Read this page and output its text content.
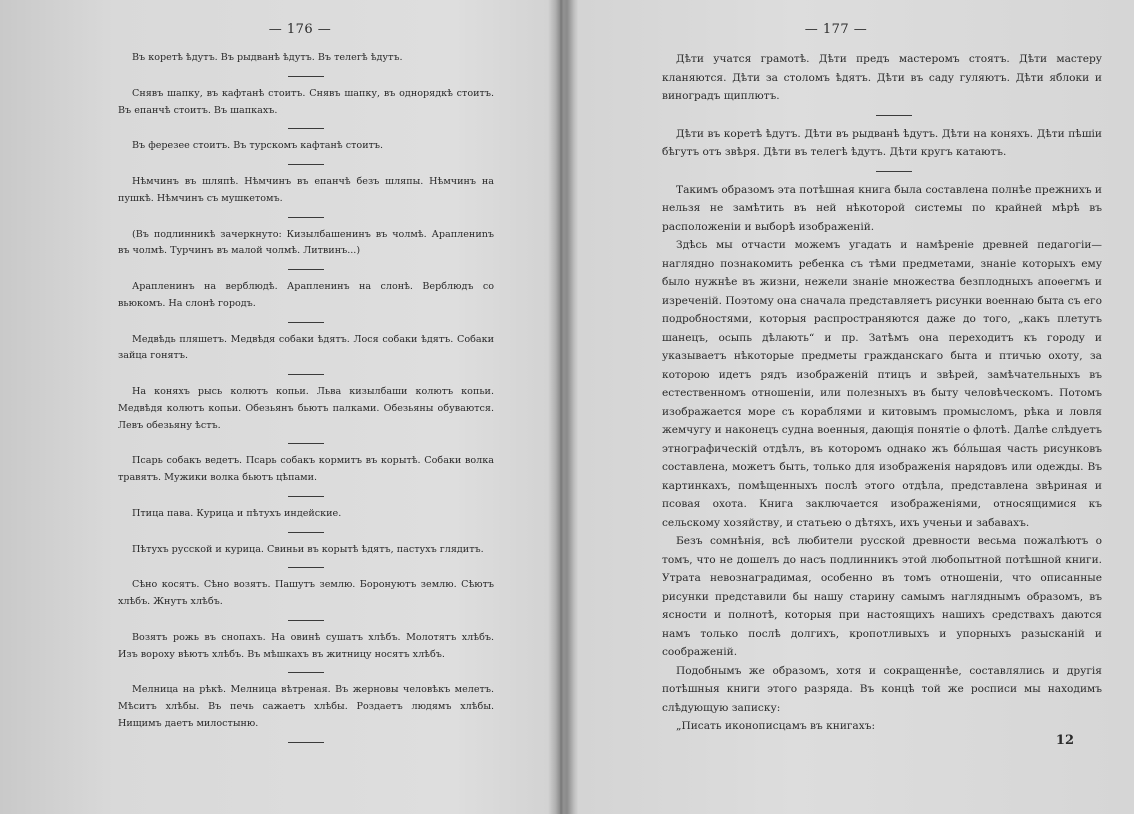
— 176 —

Въ коретѣ ѣдутъ. Въ рыдванѣ ѣдутъ. Въ телегѣ ѣдутъ.

Снявъ шапку, въ кафтанѣ стоитъ. Снявъ шапку, въ однорядкѣ стоитъ. Въ епанчѣ стоитъ. Въ шапкахъ.

Въ ферезее стоитъ. Въ турскомъ кафтанѣ стоитъ.

Нѣмчинъ въ шляпѣ. Нѣмчинъ въ епанчѣ безъ шляпы. Нѣмчинъ на пушкѣ. Нѣмчинъ съ мушкетомъ.

(Въ подлинникѣ зачеркнуто: Кизылбашенинъ въ чолмѣ. Араплениnъ въ чолмѣ. Турчинъ въ малой чолмѣ. Литвинъ...)

Арапленинъ на верблюдѣ. Арапленинъ на слонѣ. Верблюдъ со вьюкомъ. На слонѣ городъ.

Медвѣдь пляшетъ. Медвѣдя собаки ѣдятъ. Лося собаки ѣдятъ. Собаки зайца гонятъ.

На коняхъ рысь колютъ копьи. Льва кизылбаши колютъ копьи. Медвѣдя колютъ копьи. Обезьянъ бьютъ палками. Обезьяны обуваются. Левъ обезьяну ѣстъ.

Псарь собакъ ведетъ. Псарь собакъ кормитъ въ корытѣ. Собаки волка травятъ. Мужики волка бьютъ цѣпами.

Птица пава. Курица и пѣтухъ индейские.

Пѣтухъ русской и курица. Свиньи въ корытѣ ѣдятъ, пастухъ глядитъ.

Сѣно косятъ. Сѣно возятъ. Пашутъ землю. Боронуютъ землю. Сѣютъ хлѣбъ. Жнутъ хлѣбъ.

Возятъ рожь въ снопахъ. На овинѣ сушатъ хлѣбъ. Молотятъ хлѣбъ. Изъ вороху вѣютъ хлѣбъ. Въ мѣшкахъ въ житницу носятъ хлѣбъ.

Мелница на рѣкѣ. Мелница вѣтреная. Въ жерновы человѣкъ мелетъ. Мѣситъ хлѣбы. Въ печь сажаетъ хлѣбы. Роздаетъ людямъ хлѣбы. Нищимъ даетъ милостыню.

— 177 —

Дѣти учатся грамотѣ. Дѣти предъ мастеромъ стоятъ. Дѣти мастеру кланяются. Дѣти за столомъ ѣдятъ. Дѣти въ саду гуляютъ. Дѣти яблоки и виноградъ щиплютъ.

Дѣти въ коретѣ ѣдутъ. Дѣти въ рыдванѣ ѣдутъ. Дѣти на коняхъ. Дѣти пѣшіи бѣгутъ отъ звѣря. Дѣти въ телегѣ ѣдутъ. Дѣти кругъ катаютъ.

Такимъ образомъ эта потѣшная книга была составлена полнѣе прежнихъ и нельзя не замѣтить въ ней нѣкоторой системы по крайней мѣрѣ въ расположеніи и выборѣ изображеній.

Здѣсь мы отчасти можемъ угадать и намѣреніе древней педагогіи—наглядно познакомить ребенка съ тѣми предметами, знаніе которыхъ ему было нужнѣе въ жизни, нежели знаніе множества безплодныхъ апоѳегмъ и изреченій. Поэтому она сначала представляетъ рисунки военнаю быта съ его подробностями, которыя распространяются даже до того, „какъ плетутъ шанецъ, осыпь дѣлають“ и пр. Затѣмъ она переходитъ къ городу и указываетъ нѣкоторые предметы гражданскаго быта и птичью охоту, за которою идетъ рядъ изображеній птицъ и звѣрей, замѣчательныхъ въ естественномъ отношеніи, или полезныхъ въ быту человѣческомъ. Потомъ изображается море съ кораблями и китовымъ промысломъ, рѣка и ловля жемчугу и наконецъ судна военныя, дающія понятіе о флотѣ. Далѣе слѣдуетъ этнографическій отдѣлъ, въ которомъ однако жъ бóльшая часть рисунковъ составлена, можетъ быть, только для изображенія нарядовъ или одежды. Въ картинкахъ, помѣщенныхъ послѣ этого отдѣла, представлена звѣриная и псовая охота. Книга заключается изображеніями, относящимися къ сельскому хозяйству, и статьею о дѣтяхъ, ихъ ученьи и забавахъ.

Безъ сомнѣнія, всѣ любители русской древности весьма пожалѣютъ о томъ, что не дошелъ до насъ подлинникъ этой любопытной потѣшной книги. Утрата невознаградимая, особенно въ томъ отношеніи, что описанные рисунки представили бы нашу старину самымъ нагляднымъ образомъ, въ ясности и полнотѣ, которыя при настоящихъ нашихъ средствахъ даются намъ только послѣ долгихъ, кропотливыхъ и упорныхъ разысканій и соображеній.

Подобнымъ же образомъ, хотя и сокращеннѣе, составлялись и другія потѣшныя книги этого разряда. Въ концѣ той же росписи мы находимъ слѣдующую записку:

„Писать иконописцамъ въ книгахъ:

12
